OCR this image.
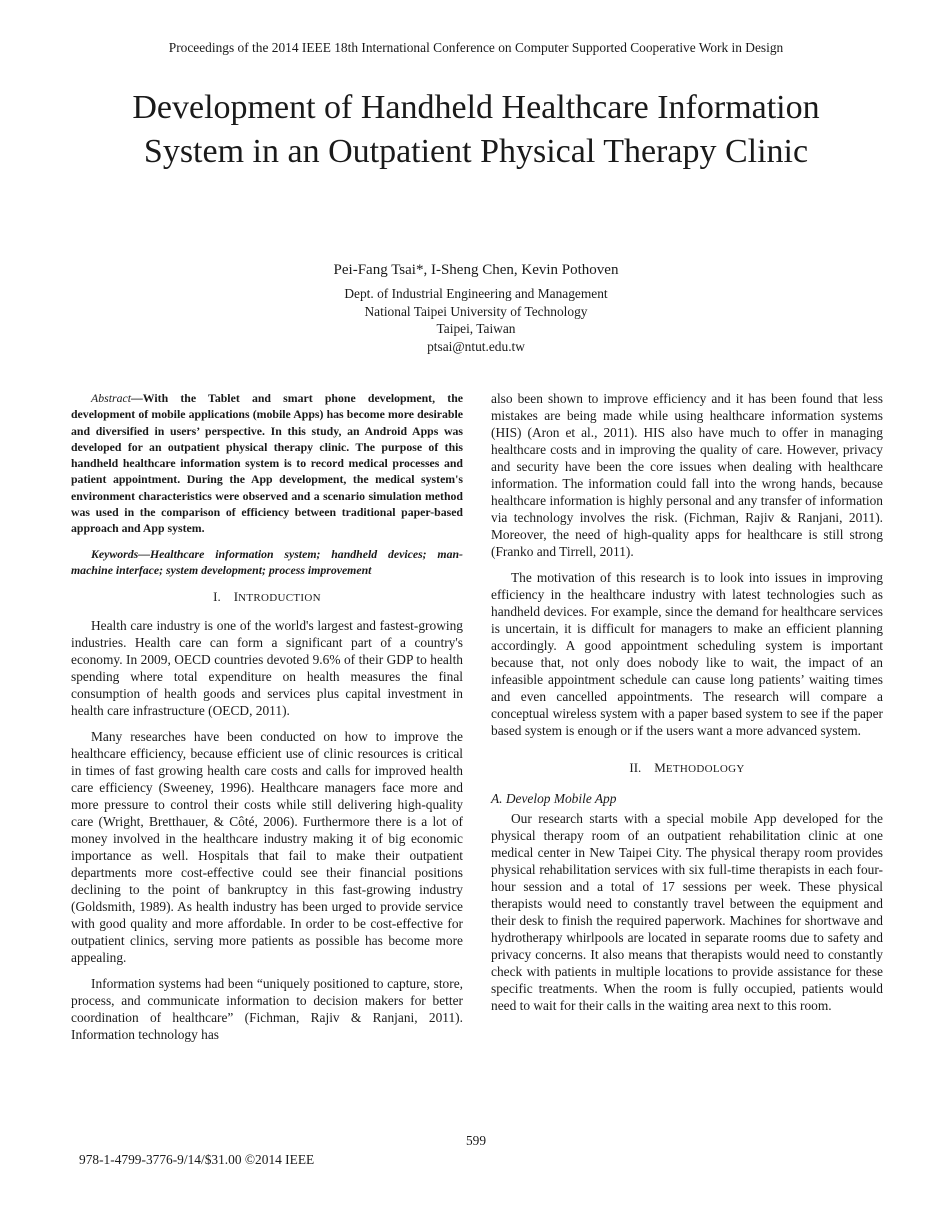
Proceedings of the 2014 IEEE 18th International Conference on Computer Supported Cooperative Work in Design
Development of Handheld Healthcare Information
System in an Outpatient Physical Therapy Clinic
Pei-Fang Tsai*, I-Sheng Chen, Kevin Pothoven
Dept. of Industrial Engineering and Management
National Taipei University of Technology
Taipei, Taiwan
ptsai@ntut.edu.tw

Abstract—With the Tablet and smart phone development, the development of mobile applications (mobile Apps) has become more desirable and diversified in users’ perspective. In this study, an Android Apps was developed for an outpatient physical therapy clinic. The purpose of this handheld healthcare information system is to record medical processes and patient appointment. During the App development, the medical system's environment characteristics were observed and a scenario simulation method was used in the comparison of efficiency between traditional paper-based approach and App system.

Keywords—Healthcare information system; handheld devices; man-machine interface; system development; process improvement

I. INTRODUCTION

Health care industry is one of the world's largest and fastest-growing industries. Health care can form a significant part of a country's economy. In 2009, OECD countries devoted 9.6% of their GDP to health spending where total expenditure on health measures the final consumption of health goods and services plus capital investment in health care infrastructure (OECD, 2011).

Many researches have been conducted on how to improve the healthcare efficiency, because efficient use of clinic resources is critical in times of fast growing health care costs and calls for improved health care efficiency (Sweeney, 1996). Healthcare managers face more and more pressure to control their costs while still delivering high-quality care (Wright, Bretthauer, & Côté, 2006). Furthermore there is a lot of money involved in the healthcare industry making it of big economic importance as well. Hospitals that fail to make their outpatient departments more cost-effective could see their financial positions declining to the point of bankruptcy in this fast-growing industry (Goldsmith, 1989). As health industry has been urged to provide service with good quality and more affordable. In order to be cost-effective for outpatient clinics, serving more patients as possible has become more appealing.

Information systems had been “uniquely positioned to capture, store, process, and communicate information to decision makers for better coordination of healthcare” (Fichman, Rajiv & Ranjani, 2011). Information technology has

also been shown to improve efficiency and it has been found that less mistakes are being made while using healthcare information systems (HIS) (Aron et al., 2011). HIS also have much to offer in managing healthcare costs and in improving the quality of care. However, privacy and security have been the core issues when dealing with healthcare information. The information could fall into the wrong hands, because healthcare information is highly personal and any transfer of information via technology involves the risk. (Fichman, Rajiv & Ranjani, 2011). Moreover, the need of high-quality apps for healthcare is still strong (Franko and Tirrell, 2011).

The motivation of this research is to look into issues in improving efficiency in the healthcare industry with latest technologies such as handheld devices. For example, since the demand for healthcare services is uncertain, it is difficult for managers to make an efficient planning accordingly. A good appointment scheduling system is important because that, not only does nobody like to wait, the impact of an infeasible appointment schedule can cause long patients’ waiting times and even cancelled appointments. The research will compare a conceptual wireless system with a paper based system to see if the paper based system is enough or if the users want a more advanced system.

II. METHODOLOGY
A. Develop Mobile App

Our research starts with a special mobile App developed for the physical therapy room of an outpatient rehabilitation clinic at one medical center in New Taipei City. The physical therapy room provides physical rehabilitation services with six full-time therapists in each four-hour session and a total of 17 sessions per week. These physical therapists would need to constantly travel between the equipment and their desk to finish the required paperwork. Machines for shortwave and hydrotherapy whirlpools are located in separate rooms due to safety and privacy concerns. It also means that therapists would need to constantly check with patients in multiple locations to provide assistance for these specific treatments. When the room is fully occupied, patients would need to wait for their calls in the waiting area next to this room.

599
978-1-4799-3776-9/14/$31.00 ©2014 IEEE
